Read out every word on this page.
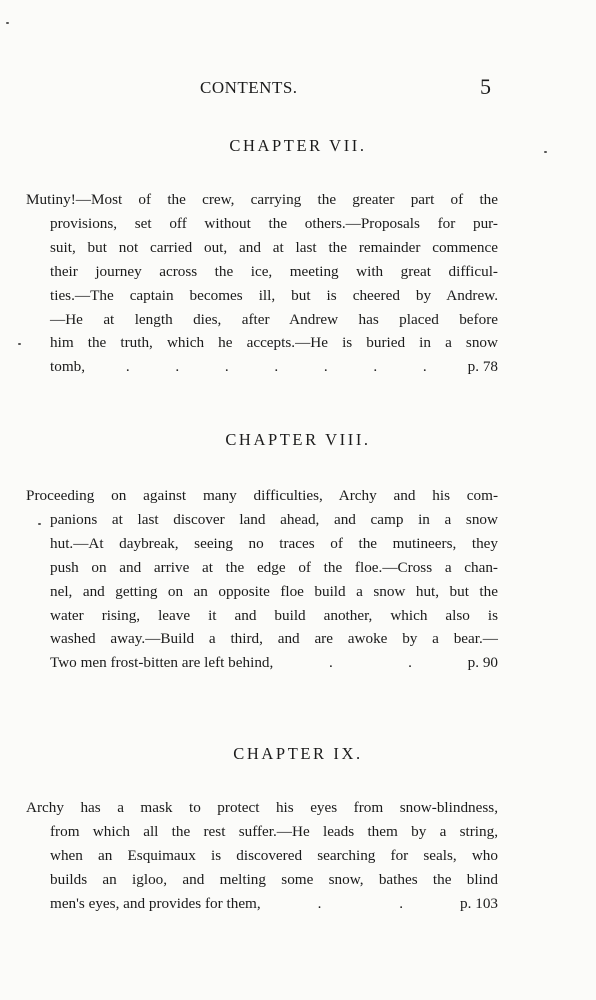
CONTENTS.	5
CHAPTER VII.
Mutiny!—Most of the crew, carrying the greater part of the
provisions, set off without the others.—Proposals for pur-
suit, but not carried out, and at last the remainder commence
their journey across the ice, meeting with great difficul-
ties.—The captain becomes ill, but is cheered by Andrew.
—He at length dies, after Andrew has placed before
him the truth, which he accepts.—He is buried in a snow
tomb,	.	.	.	.	.	.	.	p. 78
CHAPTER VIII.
Proceeding on against many difficulties, Archy and his com-
panions at last discover land ahead, and camp in a snow
hut.—At daybreak, seeing no traces of the mutineers, they
push on and arrive at the edge of the floe.—Cross a chan-
nel, and getting on an opposite floe build a snow hut, but the
water rising, leave it and build another, which also is
washed away.—Build a third, and are awoke by a bear.—
Two men frost-bitten are left behind,	.	.	p. 90
CHAPTER IX.
Archy has a mask to protect his eyes from snow-blindness,
from which all the rest suffer.—He leads them by a string,
when an Esquimaux is discovered searching for seals, who
builds an igloo, and melting some snow, bathes the blind
men's eyes, and provides for them,	.	.	p. 103
